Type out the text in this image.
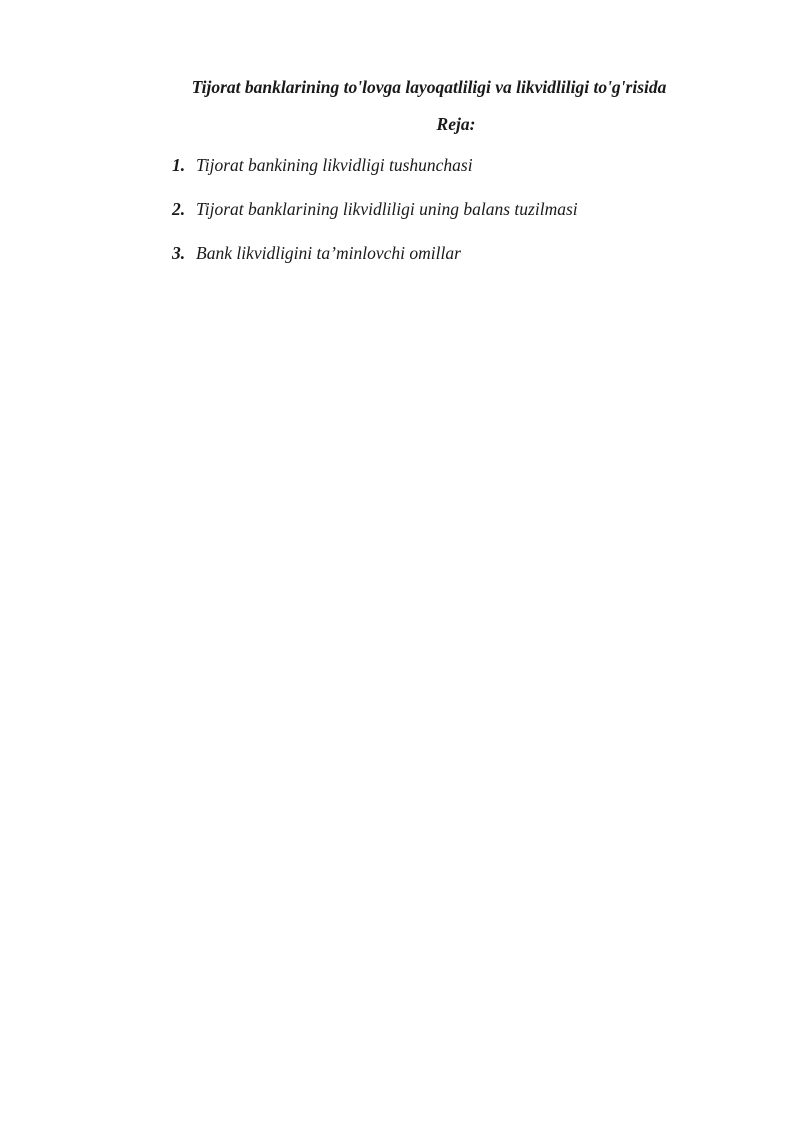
Tijorat banklarining to'lovga layoqatliligi va likvidliligi to'g'risida
Reja:
1. Tijorat bankining likvidligi tushunchasi
2. Tijorat banklarining likvidliligi uning balans tuzilmasi
3. Bank likvidligini ta’minlovchi omillar
